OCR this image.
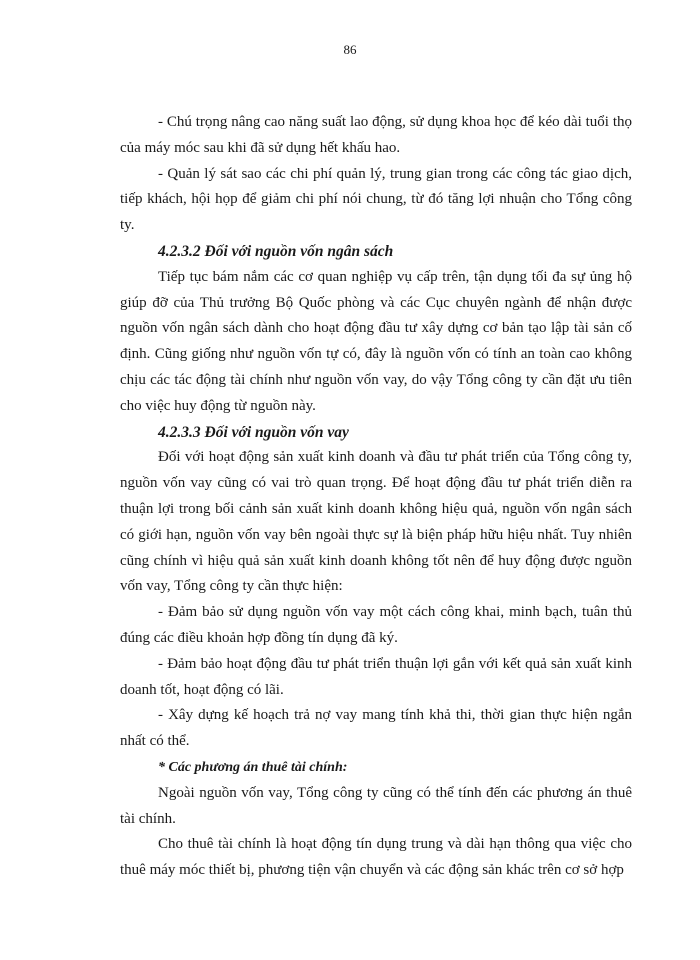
86

- Chú trọng nâng cao năng suất lao động, sử dụng khoa học để kéo dài tuổi thọ của máy móc sau khi đã sử dụng hết khấu hao.

- Quản lý sát sao các chi phí quản lý, trung gian trong các công tác giao dịch, tiếp khách, hội họp để giảm chi phí nói chung, từ đó tăng lợi nhuận cho Tổng công ty.

4.2.3.2 Đối với nguồn vốn ngân sách

Tiếp tục bám nắm các cơ quan nghiệp vụ cấp trên, tận dụng tối đa sự ủng hộ giúp đỡ của Thủ trưởng Bộ Quốc phòng và các Cục chuyên ngành để nhận được nguồn vốn ngân sách dành cho hoạt động đầu tư xây dựng cơ bản tạo lập tài sản cố định. Cũng giống như nguồn vốn tự có, đây là nguồn vốn có tính an toàn cao không chịu các tác động tài chính như nguồn vốn vay, do vậy Tổng công ty cần đặt ưu tiên cho việc huy động từ nguồn này.

4.2.3.3 Đối với nguồn vốn vay

Đối với hoạt động sản xuất kinh doanh và đầu tư phát triển của Tổng công ty, nguồn vốn vay cũng có vai trò quan trọng. Để hoạt động đầu tư phát triển diễn ra thuận lợi trong bối cảnh sản xuất kinh doanh không hiệu quả, nguồn vốn ngân sách có giới hạn, nguồn vốn vay bên ngoài thực sự là biện pháp hữu hiệu nhất. Tuy nhiên cũng chính vì hiệu quả sản xuất kinh doanh không tốt nên để huy động được nguồn vốn vay, Tổng công ty cần thực hiện:

- Đảm bảo sử dụng nguồn vốn vay một cách công khai, minh bạch, tuân thủ đúng các điều khoản hợp đồng tín dụng đã ký.

- Đảm bảo hoạt động đầu tư phát triển thuận lợi gắn với kết quả sản xuất kinh doanh tốt, hoạt động có lãi.

- Xây dựng kế hoạch trả nợ vay mang tính khả thi, thời gian thực hiện ngắn nhất có thể.

* Các phương án thuê tài chính:

Ngoài nguồn vốn vay, Tổng công ty cũng có thể tính đến các phương án thuê tài chính.

Cho thuê tài chính là hoạt động tín dụng trung và dài hạn thông qua việc cho thuê máy móc thiết bị, phương tiện vận chuyển và các động sản khác trên cơ sở hợp
